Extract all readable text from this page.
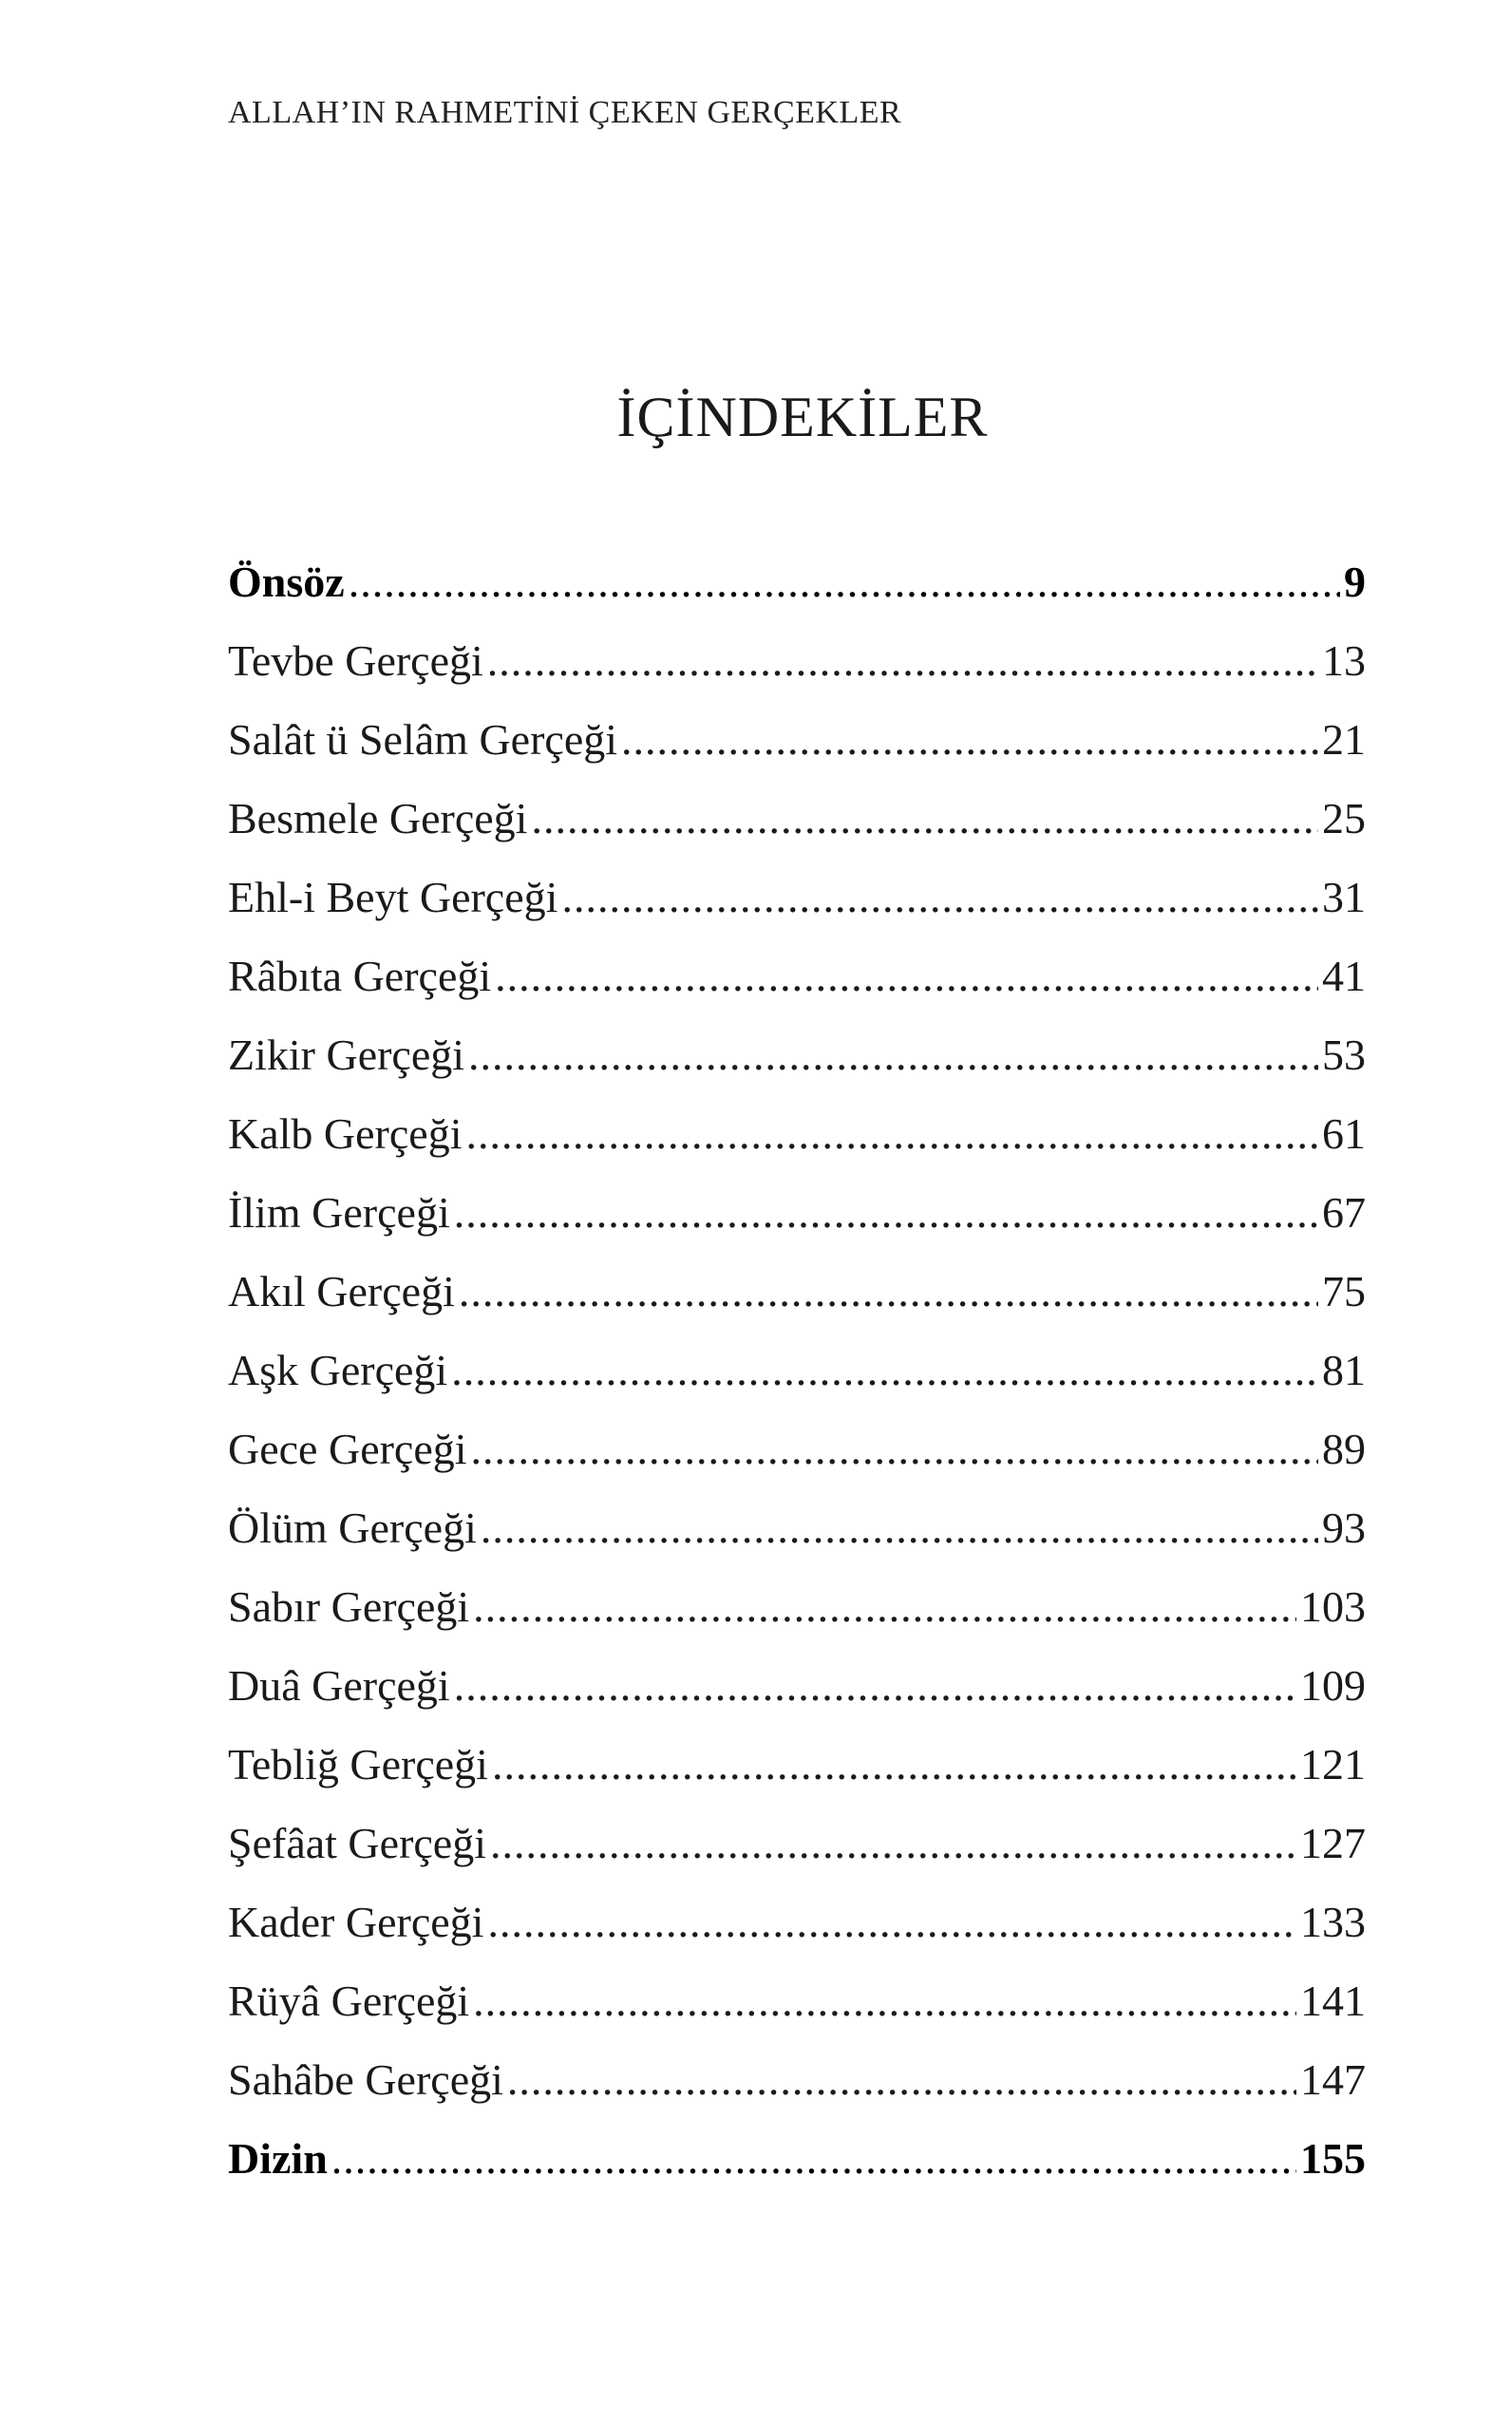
ALLAH’IN RAHMETİNİ ÇEKEN GERÇEKLER
İÇİNDEKİLER
Önsöz .....	9
Tevbe Gerçeği .....	13
Salât ü Selâm Gerçeği .....	21
Besmele Gerçeği .....	25
Ehl-i Beyt Gerçeği .....	31
Râbıta Gerçeği .....	41
Zikir Gerçeği .....	53
Kalb Gerçeği .....	61
İlim Gerçeği .....	67
Akıl Gerçeği .....	75
Aşk Gerçeği .....	81
Gece Gerçeği .....	89
Ölüm Gerçeği .....	93
Sabır Gerçeği .....	103
Duâ Gerçeği .....	109
Tebliğ Gerçeği .....	121
Şefâat Gerçeği .....	127
Kader Gerçeği .....	133
Rüyâ Gerçeği .....	141
Sahâbe Gerçeği .....	147
Dizin .....	155
